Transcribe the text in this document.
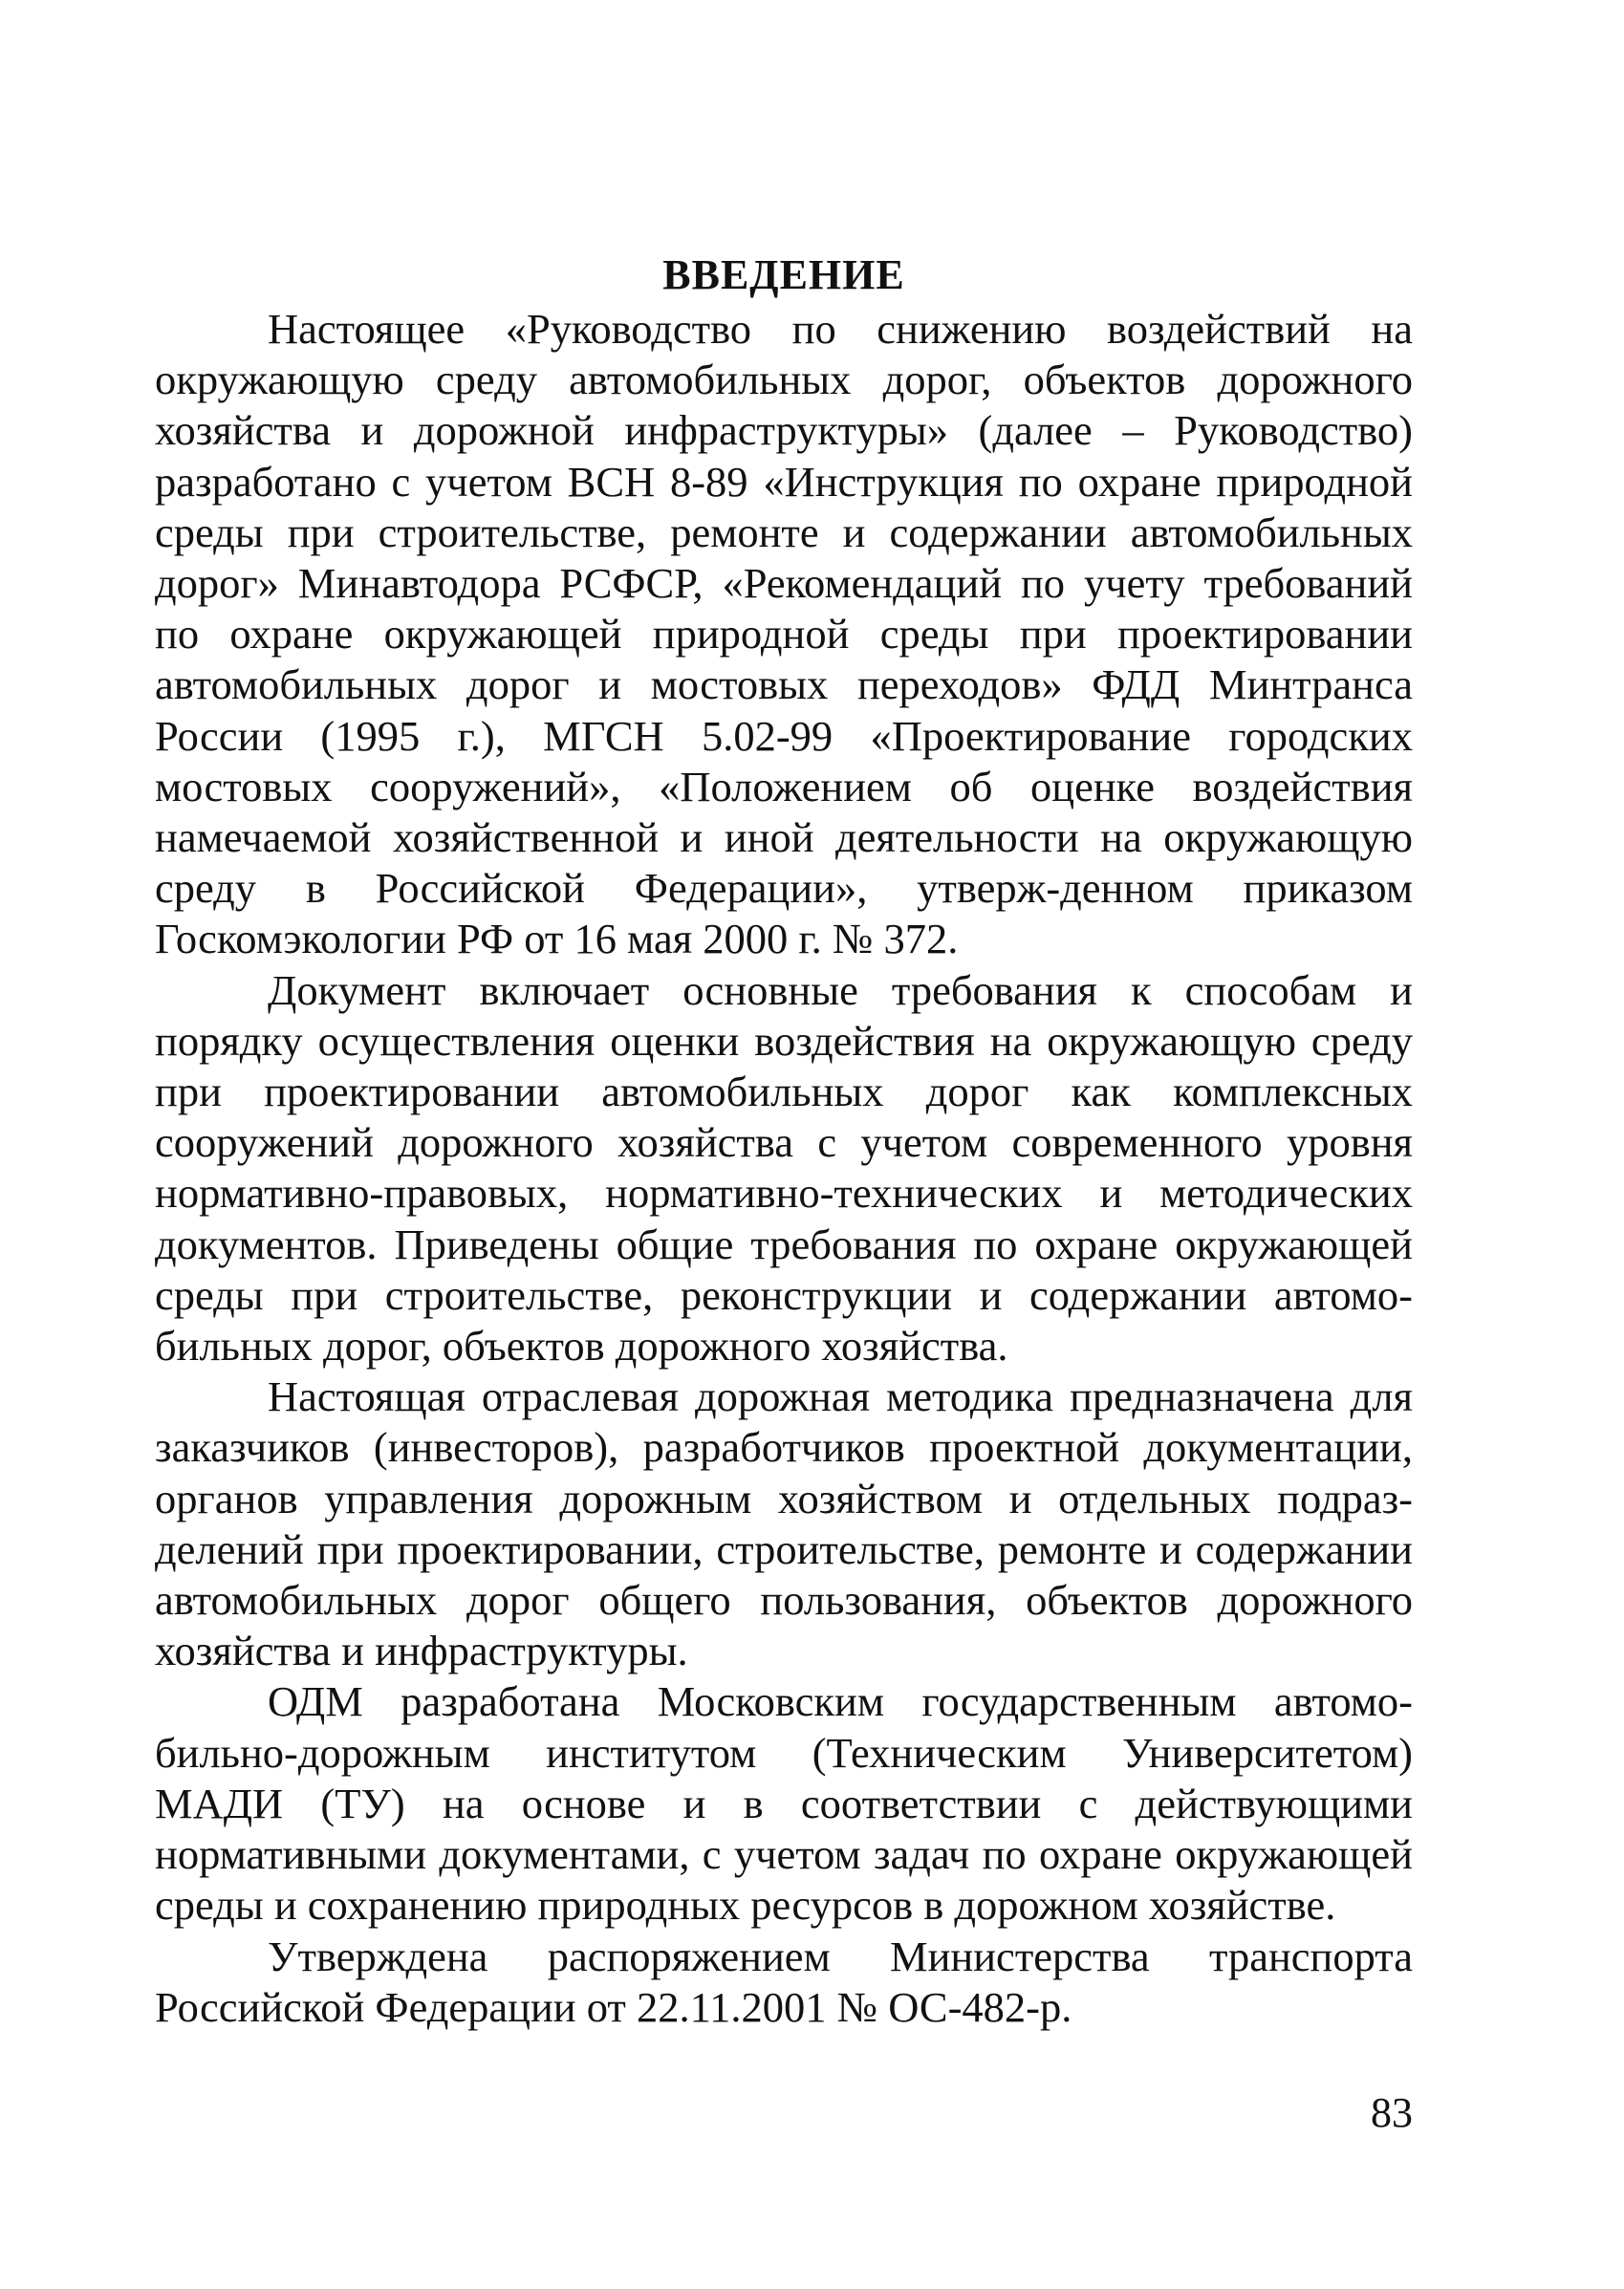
ВВЕДЕНИЕ

Настоящее «Руководство по снижению воздействий на окружающую среду автомобильных дорог, объектов дорожного хозяйства и дорожной инфраструктуры» (далее – Руководство) разработано с учетом ВСН 8-89 «Инструкция по охране природной среды при строительстве, ремонте и содержании автомобильных дорог» Минавтодора РСФСР, «Рекомендаций по учету требований по охране окружающей природной среды при проектировании автомобильных дорог и мостовых переходов» ФДД Минтранса России (1995 г.), МГСН 5.02-99 «Проектирование городских мостовых сооружений», «Положением об оценке воздействия намечаемой хозяйственной и иной деятельности на окружающую среду в Российской Федерации», утверж-денном приказом Госкомэкологии РФ от 16 мая 2000 г. № 372.

Документ включает основные требования к способам и порядку осуществления оценки воздействия на окружающую среду при проектировании автомобильных дорог как комплексных сооружений дорожного хозяйства с учетом современного уровня нормативно-правовых, нормативно-технических и методических документов. Приведены общие требования по охране окружающей среды при строительстве, реконструкции и содержании автомобильных дорог, объектов дорожного хозяйства.

Настоящая отраслевая дорожная методика предназначена для заказчиков (инвесторов), разработчиков проектной документации, органов управления дорожным хозяйством и отдельных подразделений при проектировании, строительстве, ремонте и содержании автомобильных дорог общего пользования, объектов дорожного хозяйства и инфраструктуры.

ОДМ разработана Московским государственным автомобильно-дорожным институтом (Техническим Университетом) МАДИ (ТУ) на основе и в соответствии с действующими нормативными документами, с учетом задач по охране окружающей среды и сохранению природных ресурсов в дорожном хозяйстве.

Утверждена распоряжением Министерства транспорта Российской Федерации от 22.11.2001 № ОС-482-р.

83
